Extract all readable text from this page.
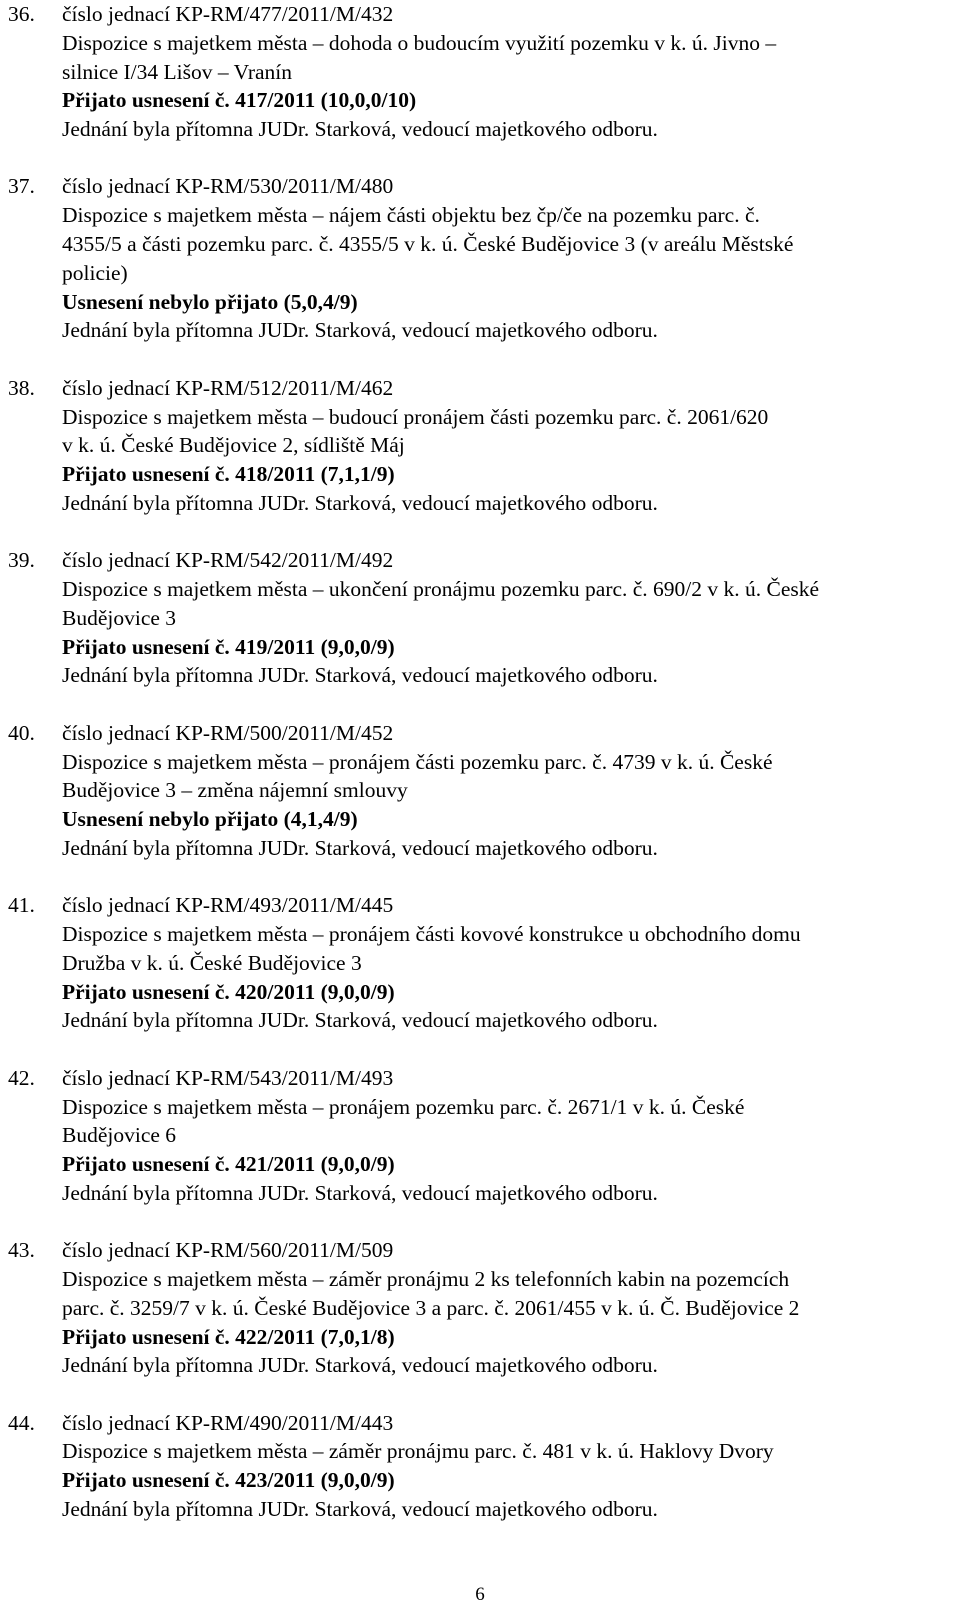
36. číslo jednací KP-RM/477/2011/M/432
Dispozice s majetkem města – dohoda o budoucím využití pozemku v k. ú. Jivno –
silnice I/34 Lišov – Vranín
Přijato usnesení č. 417/2011 (10,0,0/10)
Jednání byla přítomna JUDr. Starková, vedoucí majetkového odboru.
37. číslo jednací KP-RM/530/2011/M/480
Dispozice s majetkem města – nájem části objektu bez čp/če na pozemku parc. č.
4355/5 a části pozemku parc. č. 4355/5 v k. ú. České Budějovice 3 (v areálu Městské
policie)
Usnesení nebylo přijato (5,0,4/9)
Jednání byla přítomna JUDr. Starková, vedoucí majetkového odboru.
38. číslo jednací KP-RM/512/2011/M/462
Dispozice s majetkem města – budoucí pronájem části pozemku parc. č. 2061/620
v k. ú. České Budějovice 2, sídliště Máj
Přijato usnesení č. 418/2011 (7,1,1/9)
Jednání byla přítomna JUDr. Starková, vedoucí majetkového odboru.
39. číslo jednací KP-RM/542/2011/M/492
Dispozice s majetkem města – ukončení pronájmu pozemku parc. č. 690/2 v k. ú. České
Budějovice 3
Přijato usnesení č. 419/2011 (9,0,0/9)
Jednání byla přítomna JUDr. Starková, vedoucí majetkového odboru.
40. číslo jednací KP-RM/500/2011/M/452
Dispozice s majetkem města – pronájem části pozemku parc. č. 4739 v k. ú. České
Budějovice 3 – změna nájemní smlouvy
Usnesení nebylo přijato (4,1,4/9)
Jednání byla přítomna JUDr. Starková, vedoucí majetkového odboru.
41. číslo jednací KP-RM/493/2011/M/445
Dispozice s majetkem města – pronájem části kovové konstrukce u obchodního domu
Družba v k. ú. České Budějovice 3
Přijato usnesení č. 420/2011 (9,0,0/9)
Jednání byla přítomna JUDr. Starková, vedoucí majetkového odboru.
42. číslo jednací KP-RM/543/2011/M/493
Dispozice s majetkem města – pronájem pozemku parc. č. 2671/1 v k. ú. České
Budějovice 6
Přijato usnesení č. 421/2011 (9,0,0/9)
Jednání byla přítomna JUDr. Starková, vedoucí majetkového odboru.
43. číslo jednací KP-RM/560/2011/M/509
Dispozice s majetkem města – záměr pronájmu 2 ks telefonních kabin na pozemcích
parc. č. 3259/7 v k. ú. České Budějovice 3 a parc. č. 2061/455 v k. ú. Č. Budějovice 2
Přijato usnesení č. 422/2011 (7,0,1/8)
Jednání byla přítomna JUDr. Starková, vedoucí majetkového odboru.
44. číslo jednací KP-RM/490/2011/M/443
Dispozice s majetkem města – záměr pronájmu parc. č. 481 v k. ú. Haklovy Dvory
Přijato usnesení č. 423/2011 (9,0,0/9)
Jednání byla přítomna JUDr. Starková, vedoucí majetkového odboru.
6
